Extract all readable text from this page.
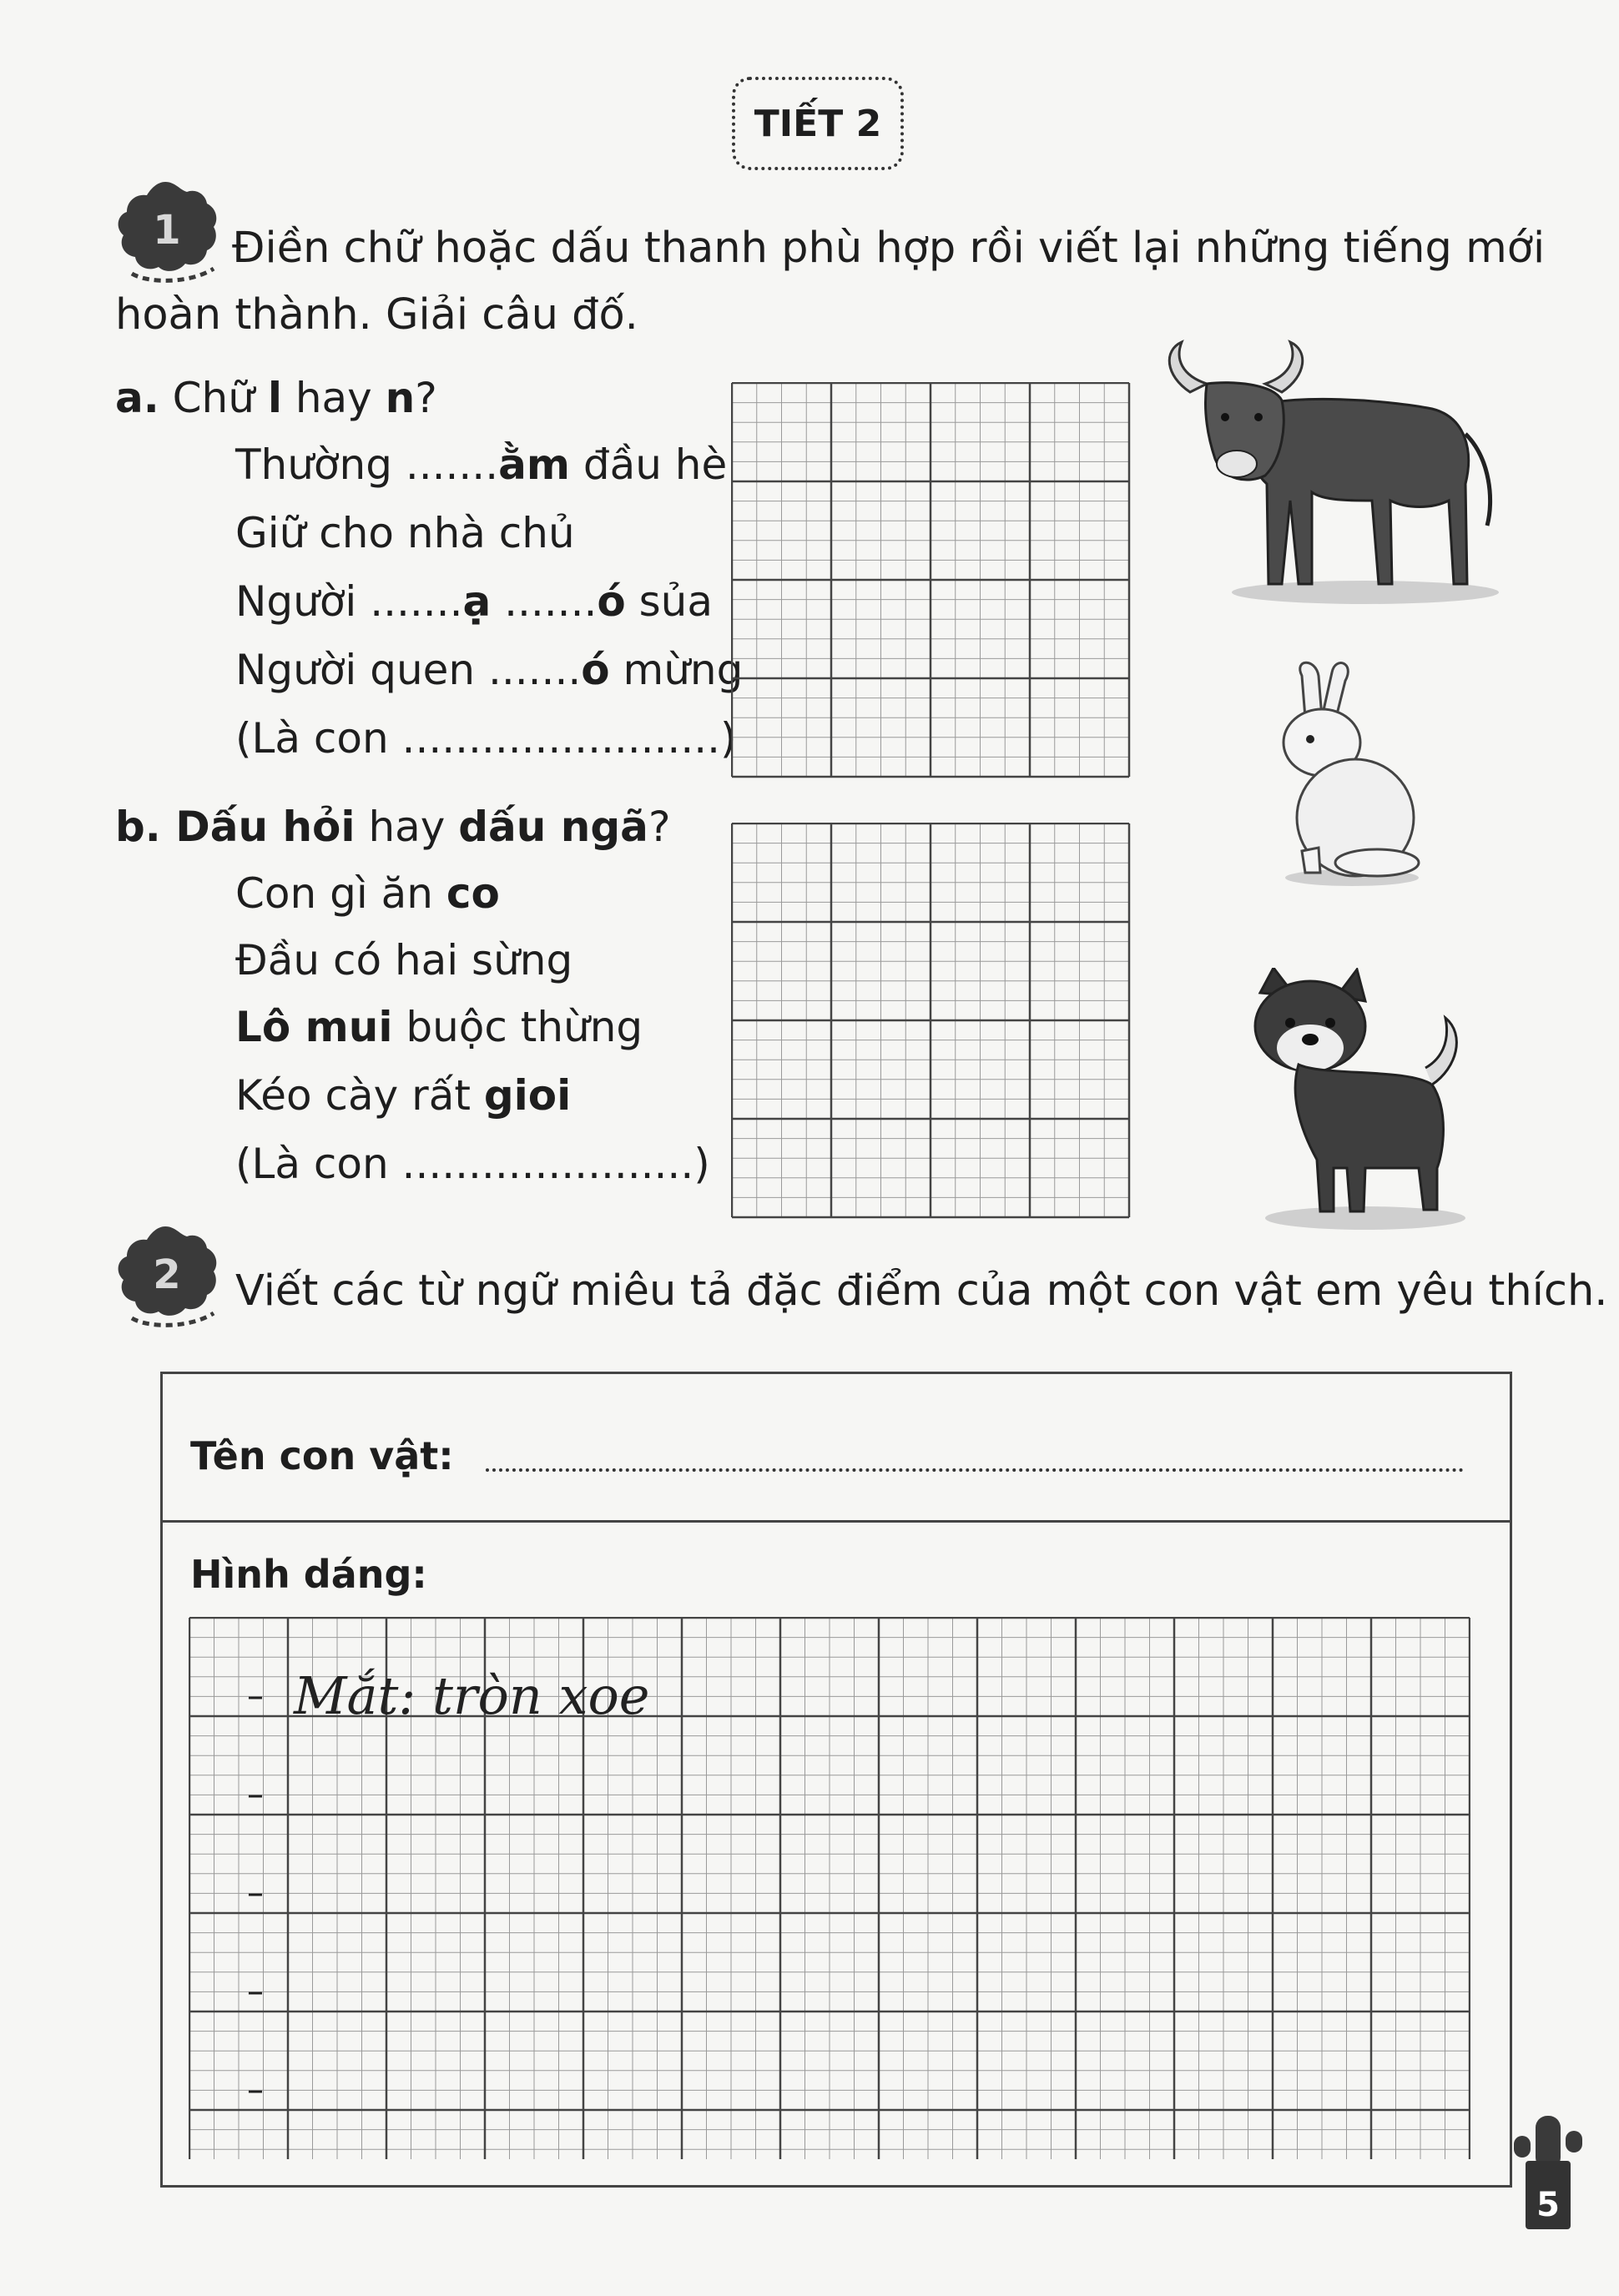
TIẾT 2
1 Điền chữ hoặc dấu thanh phù hợp rồi viết lại những tiếng mới
hoàn thành. Giải câu đố.
a. Chữ l hay n?
Thường .......ằm đầu hè
Giữ cho nhà chủ
Người .......ạ .......ó sủa
Người quen .......ó mừng
(Là con ........................)
b. Dấu hỏi hay dấu ngã?
Con gì ăn co
Đầu có hai sừng
Lô mui buộc thừng
Kéo cày rất gioi
(Là con ......................)
2 Viết các từ ngữ miêu tả đặc điểm của một con vật em yêu thích.
Tên con vật:
Hình dáng:
–
–
–
–
–
Mắt: tròn xoe
5
